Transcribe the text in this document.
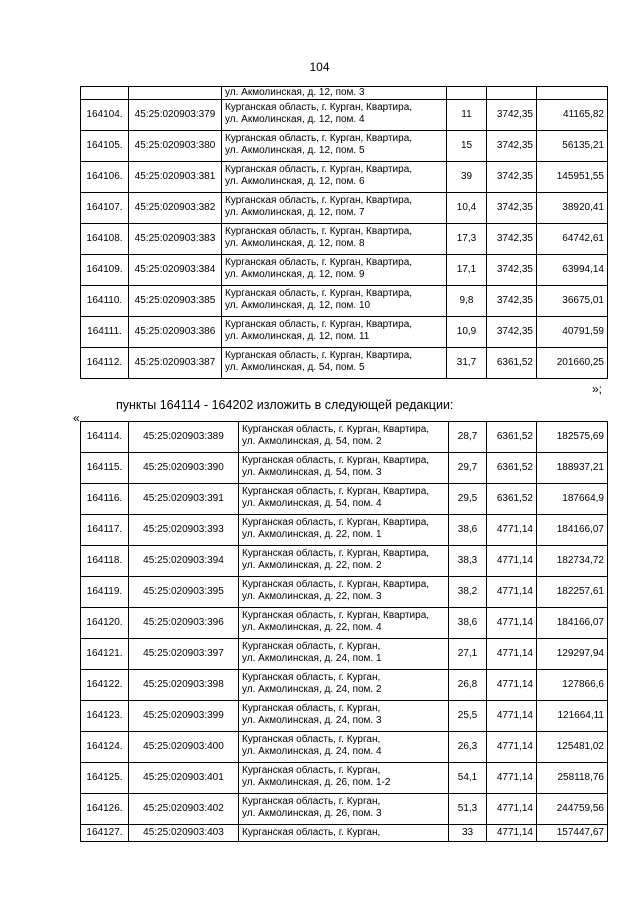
104

		ул. Акмолинская, д. 12, пом. 3			

164104.	45:25:020903:379	Курганская область, г. Курган, Квартира,
ул. Акмолинская, д. 12, пом. 4	11	3742,35	41165,82
164105.	45:25:020903:380	Курганская область, г. Курган, Квартира,
ул. Акмолинская, д. 12, пом. 5	15	3742,35	56135,21
164106.	45:25:020903:381	Курганская область, г. Курган, Квартира,
ул. Акмолинская, д. 12, пом. 6	39	3742,35	145951,55
164107.	45:25:020903:382	Курганская область, г. Курган, Квартира,
ул. Акмолинская, д. 12, пом. 7	10,4	3742,35	38920,41
164108.	45:25:020903:383	Курганская область, г. Курган, Квартира,
ул. Акмолинская, д. 12, пом. 8	17,3	3742,35	64742,61
164109.	45:25:020903:384	Курганская область, г. Курган, Квартира,
ул. Акмолинская, д. 12, пом. 9	17,1	3742,35	63994,14
164110.	45:25:020903:385	Курганская область, г. Курган, Квартира,
ул. Акмолинская, д. 12, пом. 10	9,8	3742,35	36675,01
164111.	45:25:020903:386	Курганская область, г. Курган, Квартира,
ул. Акмолинская, д. 12, пом. 11	10,9	3742,35	40791,59
164112.	45:25:020903:387	Курганская область, г. Курган, Квартира,
ул. Акмолинская, д. 54, пом. 5	31,7	6361,52	201660,25
»;
пункты 164114 - 164202 изложить в следующей редакции:
«
164114.	45:25:020903:389	Курганская область, г. Курган, Квартира,
ул. Акмолинская, д. 54, пом. 2	28,7	6361,52	182575,69
164115.	45:25:020903:390	Курганская область, г. Курган, Квартира,
ул. Акмолинская, д. 54, пом. 3	29,7	6361,52	188937,21
164116.	45:25:020903:391	Курганская область, г. Курган, Квартира,
ул. Акмолинская, д. 54, пом. 4	29,5	6361,52	187664,9
164117.	45:25:020903:393	Курганская область, г. Курган, Квартира,
ул. Акмолинская, д. 22, пом. 1	38,6	4771,14	184166,07
164118.	45:25:020903:394	Курганская область, г. Курган, Квартира,
ул. Акмолинская, д. 22, пом. 2	38,3	4771,14	182734,72
164119.	45:25:020903:395	Курганская область, г. Курган, Квартира,
ул. Акмолинская, д. 22, пом. 3	38,2	4771,14	182257,61
164120.	45:25:020903:396	Курганская область, г. Курган, Квартира,
ул. Акмолинская, д. 22, пом. 4	38,6	4771,14	184166,07
164121.	45:25:020903:397	Курганская область, г. Курган,
ул. Акмолинская, д. 24, пом. 1	27,1	4771,14	129297,94
164122.	45:25:020903:398	Курганская область, г. Курган,
ул. Акмолинская, д. 24, пом. 2	26,8	4771,14	127866,6
164123.	45:25:020903:399	Курганская область, г. Курган,
ул. Акмолинская, д. 24, пом. 3	25,5	4771,14	121664,11
164124.	45:25:020903:400	Курганская область, г. Курган,
ул. Акмолинская, д. 24, пом. 4	26,3	4771,14	125481,02
164125.	45:25:020903:401	Курганская область, г. Курган,
ул. Акмолинская, д. 26, пом. 1-2	54,1	4771,14	258118,76
164126.	45:25:020903:402	Курганская область, г. Курган,
ул. Акмолинская, д. 26, пом. 3	51,3	4771,14	244759,56
164127.	45:25:020903:403	Курганская область, г. Курган,	33	4771,14	157447,67
